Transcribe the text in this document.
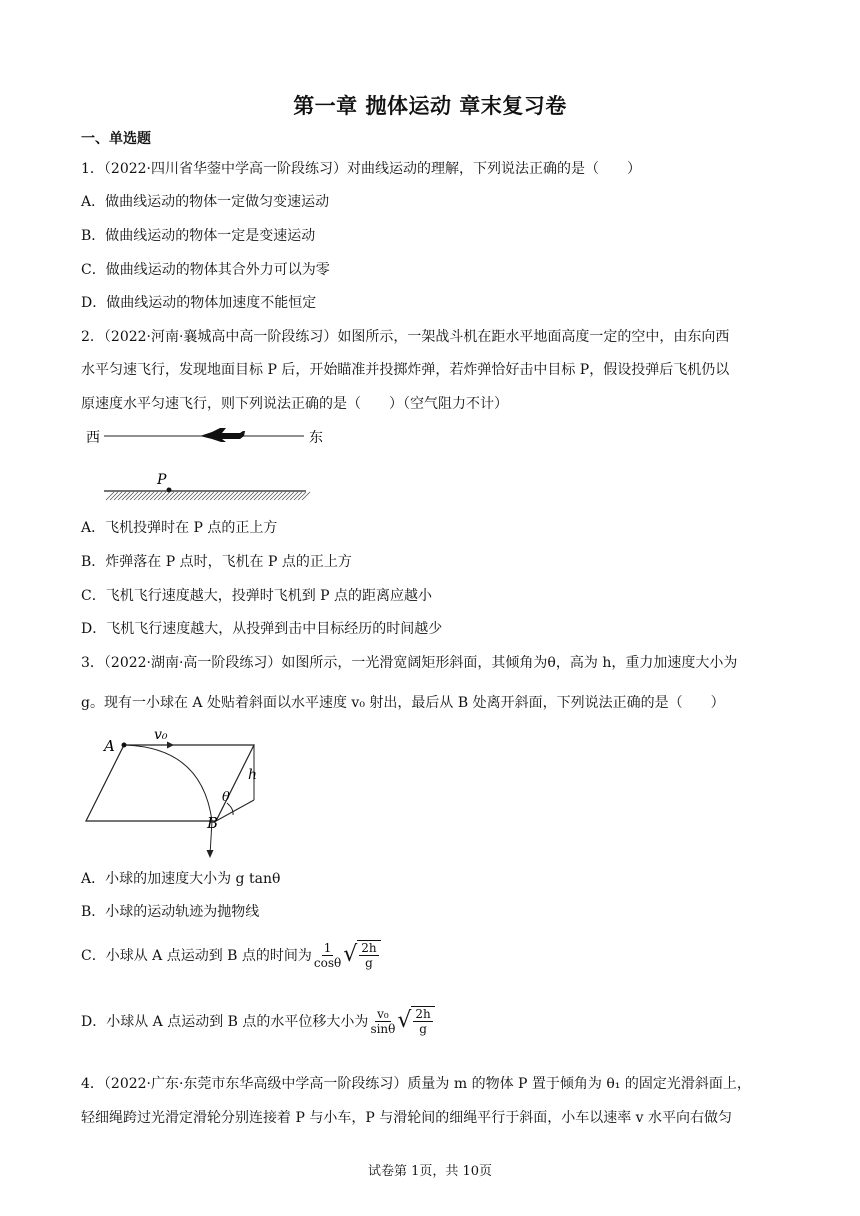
第一章 抛体运动 章末复习卷
一、单选题
1．（2022·四川省华蓥中学高一阶段练习）对曲线运动的理解，下列说法正确的是（　　）
A．做曲线运动的物体一定做匀变速运动
B．做曲线运动的物体一定是变速运动
C．做曲线运动的物体其合外力可以为零
D．做曲线运动的物体加速度不能恒定
2．（2022·河南·襄城高中高一阶段练习）如图所示，一架战斗机在距水平地面高度一定的空中，由东向西
水平匀速飞行，发现地面目标 P 后，开始瞄准并投掷炸弹，若炸弹恰好击中目标 P，假设投弹后飞机仍以
原速度水平匀速飞行，则下列说法正确的是（　　）（空气阻力不计）
西	东
P
A．飞机投弹时在 P 点的正上方
B．炸弹落在 P 点时，飞机在 P 点的正上方
C．飞机飞行速度越大，投弹时飞机到 P 点的距离应越小
D．飞机飞行速度越大，从投弹到击中目标经历的时间越少
3．（2022·湖南·高一阶段练习）如图所示，一光滑宽阔矩形斜面，其倾角为θ，高为 h，重力加速度大小为
g。现有一小球在 A 处贴着斜面以水平速度 v₀ 射出，最后从 B 处离开斜面，下列说法正确的是（　　）
A
v₀
h
θ
B
A．小球的加速度大小为 g tanθ
B．小球的运动轨迹为抛物线
C．小球从 A 点运动到 B 点的时间为 $\frac{1}{\cos\theta}$ √ $\frac{2h}{g}$
D．小球从 A 点运动到 B 点的水平位移大小为 $\frac{\text{v₀}}{\sin\theta}$ √ $\frac{2h}{g}$
4．（2022·广东·东莞市东华高级中学高一阶段练习）质量为 m 的物体 P 置于倾角为 θ₁ 的固定光滑斜面上，
轻细绳跨过光滑定滑轮分别连接着 P 与小车，P 与滑轮间的细绳平行于斜面，小车以速率 v 水平向右做匀
试卷第 1页，共 10页
